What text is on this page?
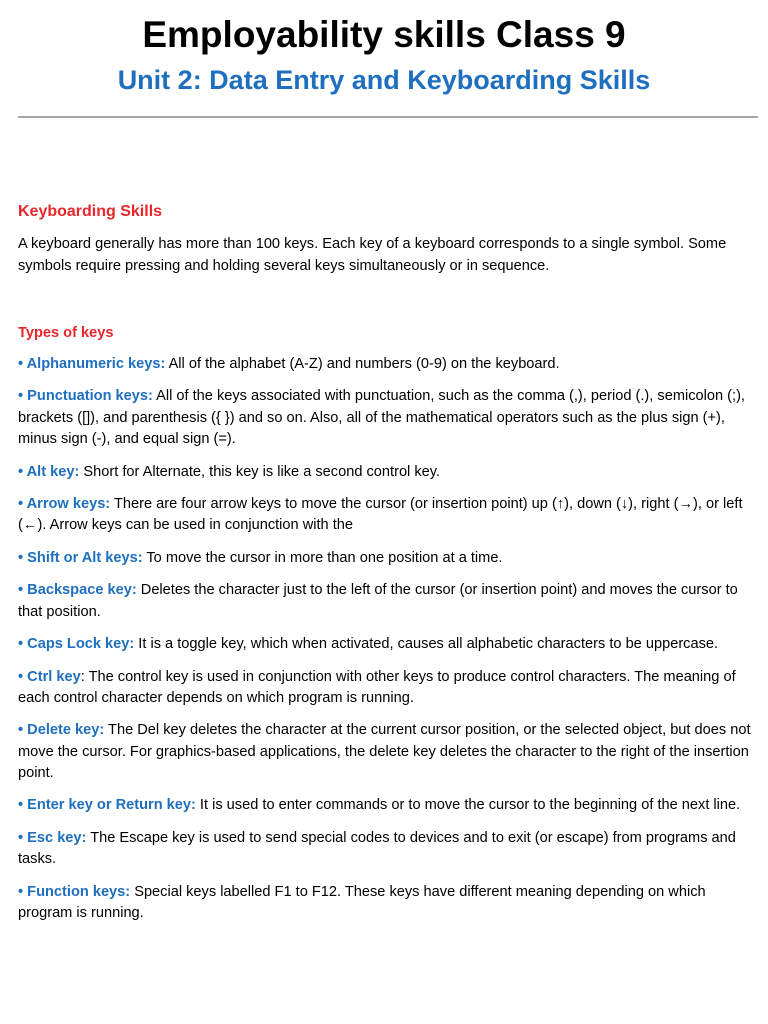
Employability skills Class 9
Unit 2: Data Entry and Keyboarding Skills
Keyboarding Skills
A keyboard generally has more than 100 keys. Each key of a keyboard corresponds to a single symbol. Some symbols require pressing and holding several keys simultaneously or in sequence.
Types of keys
• Alphanumeric keys: All of the alphabet (A-Z) and numbers (0-9) on the keyboard.
• Punctuation keys: All of the keys associated with punctuation, such as the comma (,), period (.), semicolon (;), brackets ([]), and parenthesis ({ }) and so on. Also, all of the mathematical operators such as the plus sign (+), minus sign (-), and equal sign (=).
• Alt key: Short for Alternate, this key is like a second control key.
• Arrow keys: There are four arrow keys to move the cursor (or insertion point) up (↑), down (↓), right (→), or left (←). Arrow keys can be used in conjunction with the
• Shift or Alt keys: To move the cursor in more than one position at a time.
• Backspace key: Deletes the character just to the left of the cursor (or insertion point) and moves the cursor to that position.
• Caps Lock key: It is a toggle key, which when activated, causes all alphabetic characters to be uppercase.
• Ctrl key: The control key is used in conjunction with other keys to produce control characters. The meaning of each control character depends on which program is running.
• Delete key: The Del key deletes the character at the current cursor position, or the selected object, but does not move the cursor. For graphics-based applications, the delete key deletes the character to the right of the insertion point.
• Enter key or Return key: It is used to enter commands or to move the cursor to the beginning of the next line.
• Esc key: The Escape key is used to send special codes to devices and to exit (or escape) from programs and tasks.
• Function keys: Special keys labelled F1 to F12. These keys have different meaning depending on which program is running.
